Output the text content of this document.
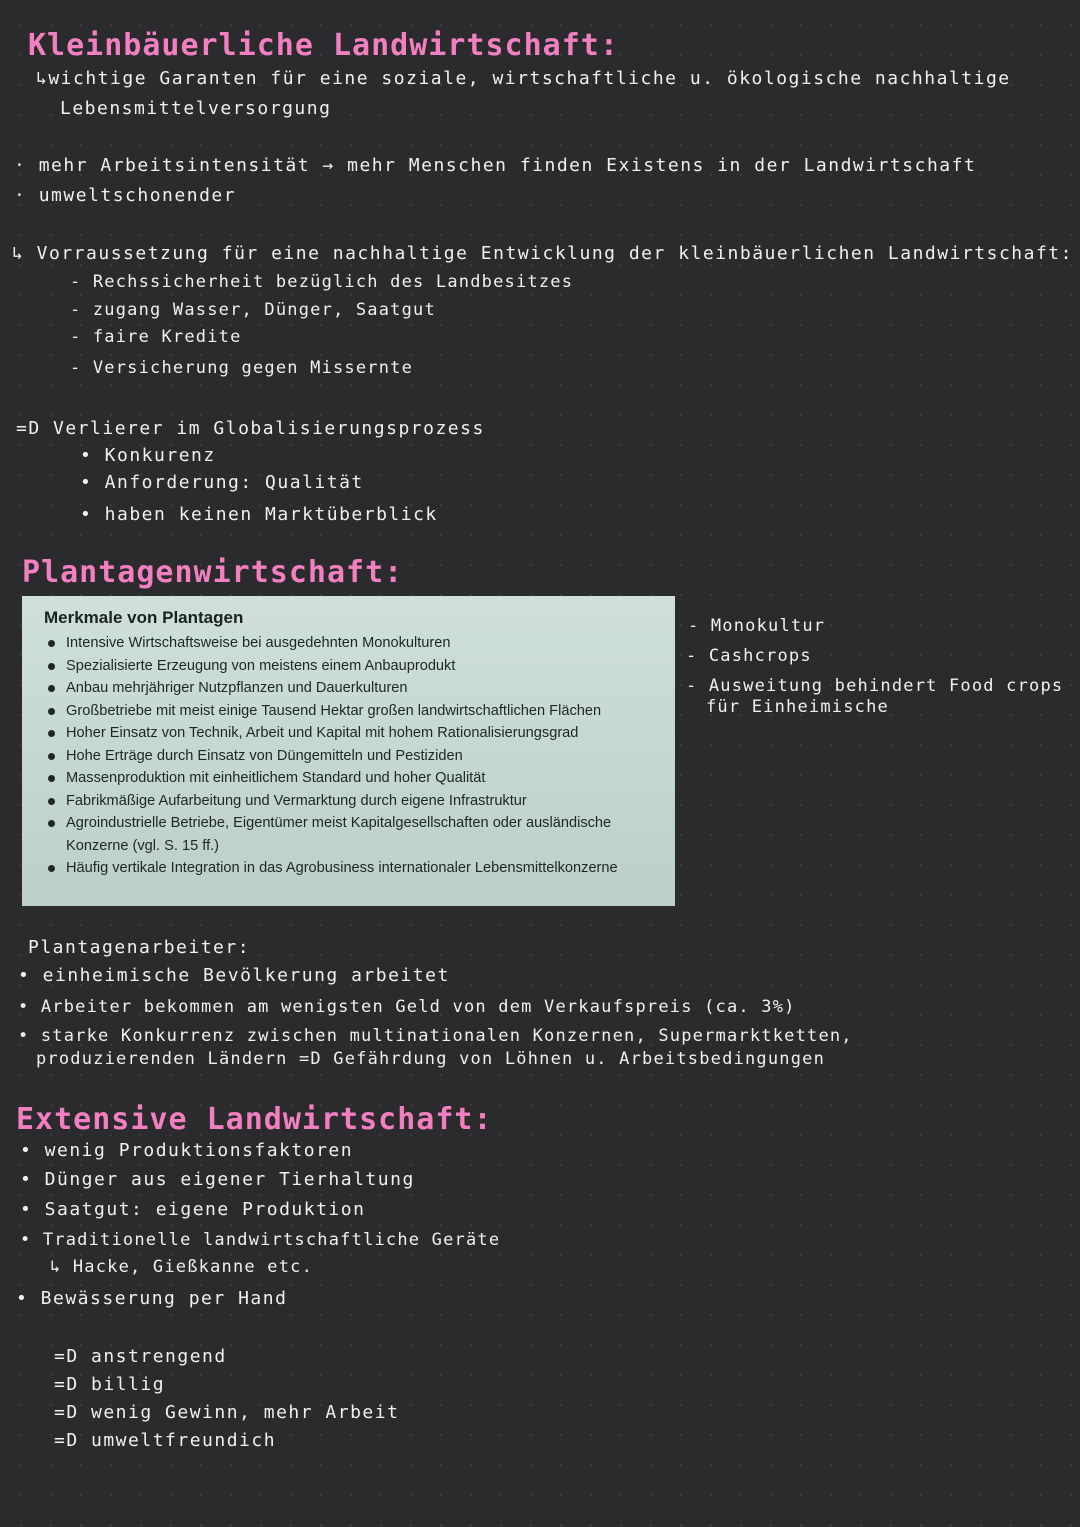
Kleinbäuerliche Landwirtschaft:
↳wichtige Garanten für eine soziale, wirtschaftliche u. ökologische nachhaltige
Lebensmittelversorgung
· mehr Arbeitsintensität → mehr Menschen finden Existens in der Landwirtschaft
· umweltschonender
↳ Vorraussetzung für eine nachhaltige Entwicklung der kleinbäuerlichen Landwirtschaft:
- Rechssicherheit bezüglich des Landbesitzes
- zugang Wasser, Dünger, Saatgut
- faire Kredite
- Versicherung gegen Missernte
=D Verlierer im Globalisierungsprozess
• Konkurenz
• Anforderung: Qualität
• haben keinen Marktüberblick
Plantagenwirtschaft:
Merkmale von Plantagen
Intensive Wirtschaftsweise bei ausgedehnten Monokulturen
Spezialisierte Erzeugung von meistens einem Anbauprodukt
Anbau mehrjähriger Nutzpflanzen und Dauerkulturen
Großbetriebe mit meist einige Tausend Hektar großen landwirtschaftlichen Flächen
Hoher Einsatz von Technik, Arbeit und Kapital mit hohem Rationalisierungsgrad
Hohe Erträge durch Einsatz von Düngemitteln und Pestiziden
Massenproduktion mit einheitlichem Standard und hoher Qualität
Fabrikmäßige Aufarbeitung und Vermarktung durch eigene Infrastruktur
Agroindustrielle Betriebe, Eigentümer meist Kapitalgesellschaften oder ausländische Konzerne (vgl. S. 15 ff.)
Häufig vertikale Integration in das Agrobusiness internationaler Lebensmittelkonzerne
- Monokultur
- Cashcrops
- Ausweitung behindert Food crops
für Einheimische
Plantagenarbeiter:
• einheimische Bevölkerung arbeitet
• Arbeiter bekommen am wenigsten Geld von dem Verkaufspreis (ca. 3%)
• starke Konkurrenz zwischen multinationalen Konzernen, Supermarktketten,
produzierenden Ländern =D Gefährdung von Löhnen u. Arbeitsbedingungen
Extensive Landwirtschaft:
• wenig Produktionsfaktoren
• Dünger aus eigener Tierhaltung
• Saatgut: eigene Produktion
• Traditionelle landwirtschaftliche Geräte
↳ Hacke, Gießkanne etc.
• Bewässerung per Hand
=D anstrengend
=D billig
=D wenig Gewinn, mehr Arbeit
=D umweltfreundich
